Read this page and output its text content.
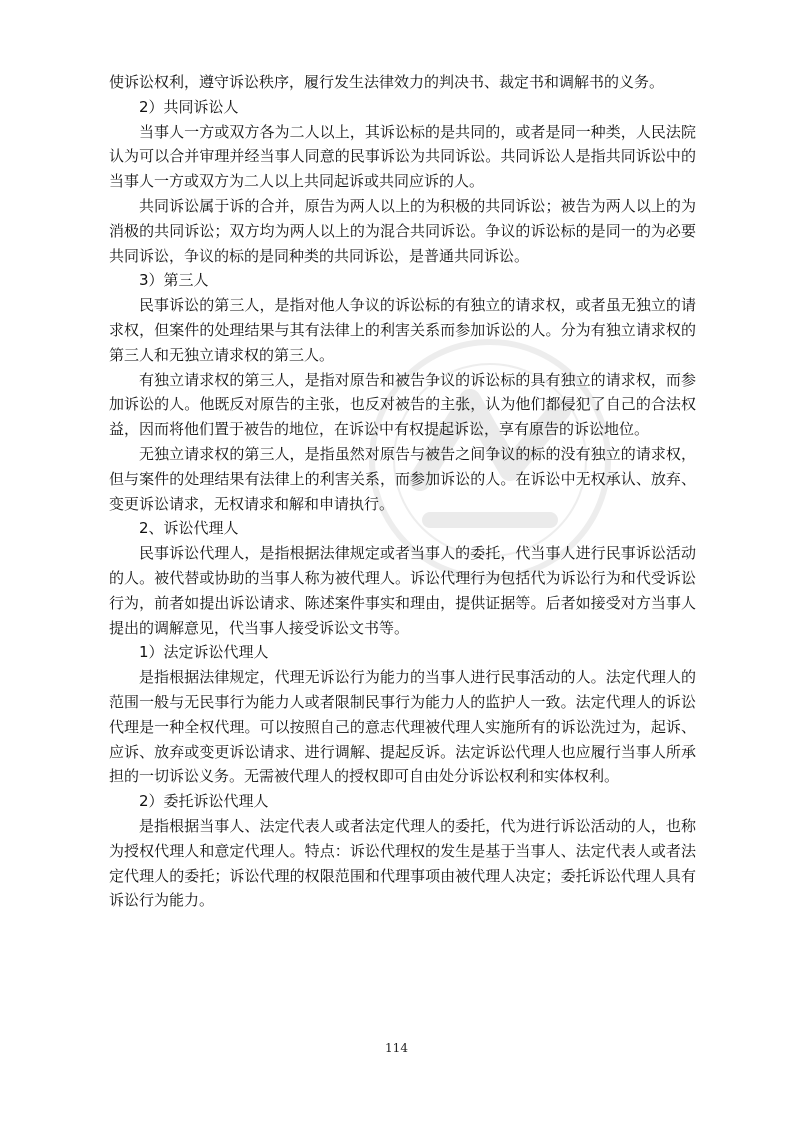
使诉讼权利，遵守诉讼秩序，履行发生法律效力的判决书、裁定书和调解书的义务。

2）共同诉讼人

当事人一方或双方各为二人以上，其诉讼标的是共同的，或者是同一种类，人民法院认为可以合并审理并经当事人同意的民事诉讼为共同诉讼。共同诉讼人是指共同诉讼中的当事人一方或双方为二人以上共同起诉或共同应诉的人。

共同诉讼属于诉的合并，原告为两人以上的为积极的共同诉讼；被告为两人以上的为消极的共同诉讼；双方均为两人以上的为混合共同诉讼。争议的诉讼标的是同一的为必要共同诉讼，争议的标的是同种类的共同诉讼，是普通共同诉讼。

3）第三人

民事诉讼的第三人，是指对他人争议的诉讼标的有独立的请求权，或者虽无独立的请求权，但案件的处理结果与其有法律上的利害关系而参加诉讼的人。分为有独立请求权的第三人和无独立请求权的第三人。

有独立请求权的第三人，是指对原告和被告争议的诉讼标的具有独立的请求权，而参加诉讼的人。他既反对原告的主张，也反对被告的主张，认为他们都侵犯了自己的合法权益，因而将他们置于被告的地位，在诉讼中有权提起诉讼，享有原告的诉讼地位。

无独立请求权的第三人，是指虽然对原告与被告之间争议的标的没有独立的请求权，但与案件的处理结果有法律上的利害关系，而参加诉讼的人。在诉讼中无权承认、放弃、变更诉讼请求，无权请求和解和申请执行。

2、诉讼代理人

民事诉讼代理人，是指根据法律规定或者当事人的委托，代当事人进行民事诉讼活动的人。被代替或协助的当事人称为被代理人。诉讼代理行为包括代为诉讼行为和代受诉讼行为，前者如提出诉讼请求、陈述案件事实和理由，提供证据等。后者如接受对方当事人提出的调解意见，代当事人接受诉讼文书等。

1）法定诉讼代理人

是指根据法律规定，代理无诉讼行为能力的当事人进行民事活动的人。法定代理人的范围一般与无民事行为能力人或者限制民事行为能力人的监护人一致。法定代理人的诉讼代理是一种全权代理。可以按照自己的意志代理被代理人实施所有的诉讼洗过为，起诉、应诉、放弃或变更诉讼请求、进行调解、提起反诉。法定诉讼代理人也应履行当事人所承担的一切诉讼义务。无需被代理人的授权即可自由处分诉讼权利和实体权利。

2）委托诉讼代理人

是指根据当事人、法定代表人或者法定代理人的委托，代为进行诉讼活动的人，也称为授权代理人和意定代理人。特点：诉讼代理权的发生是基于当事人、法定代表人或者法定代理人的委托；诉讼代理的权限范围和代理事项由被代理人决定；委托诉讼代理人具有诉讼行为能力。

114
